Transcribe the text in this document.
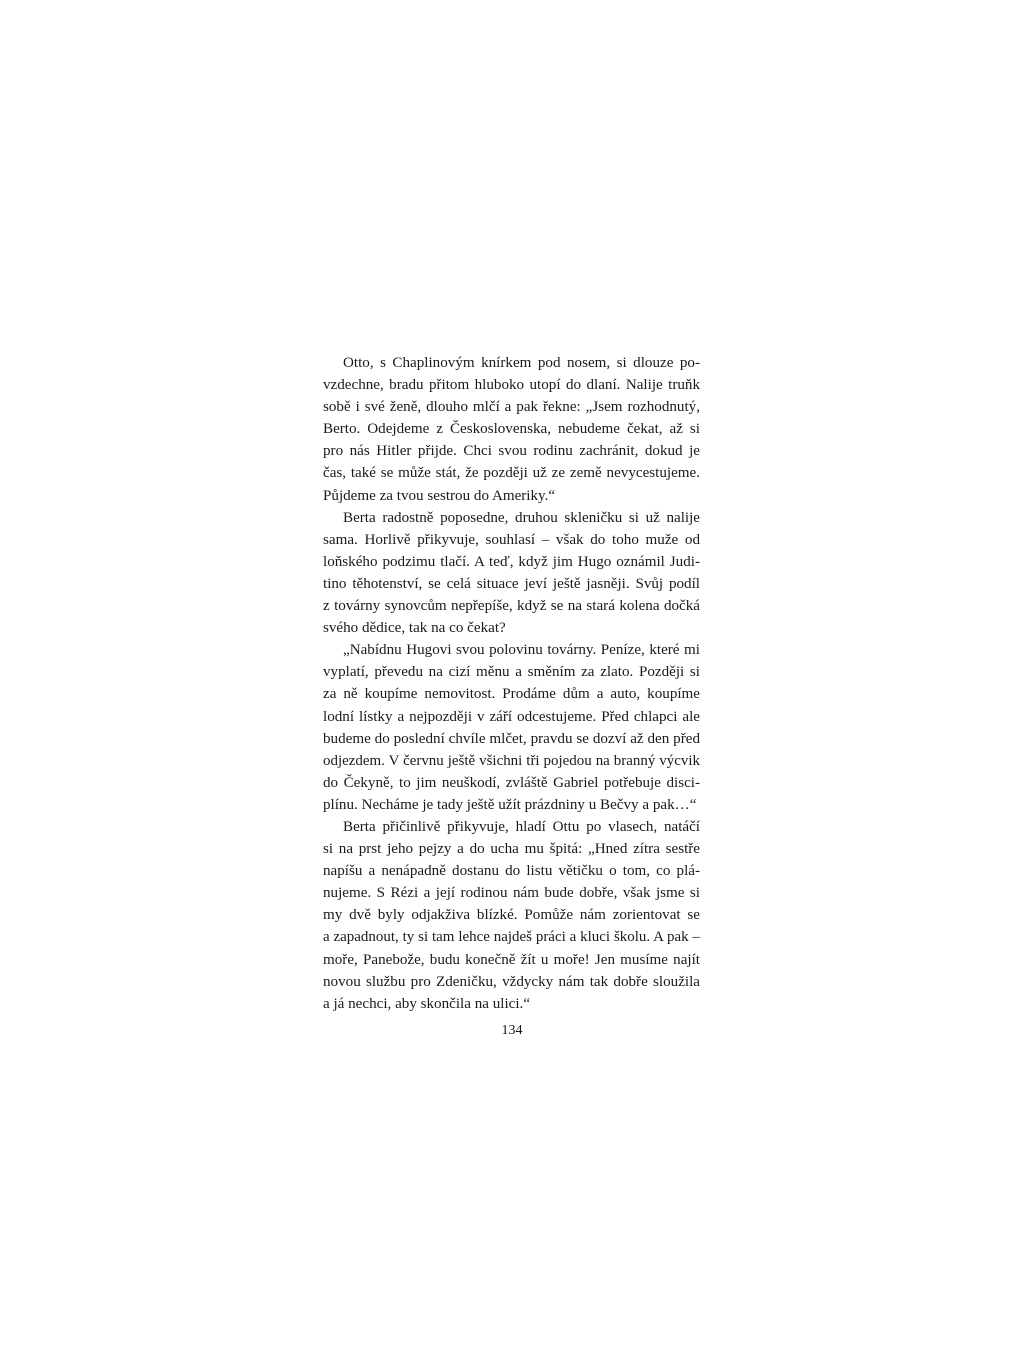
Otto, s Chaplinovým knírkem pod nosem, si dlouze po-
vzdechne, bradu přitom hluboko utopí do dlaní. Nalije truňk
sobě i své ženě, dlouho mlčí a pak řekne: „Jsem rozhodnutý,
Berto. Odejdeme z Československa, nebudeme čekat, až si
pro nás Hitler přijde. Chci svou rodinu zachránit, dokud je
čas, také se může stát, že později už ze země nevycestujeme.
Půjdeme za tvou sestrou do Ameriky.“
Berta radostně poposedne, druhou skleničku si už nalije
sama. Horlivě přikyvuje, souhlasí – však do toho muže od
loňského podzimu tlačí. A teď, když jim Hugo oznámil Judi-
tino těhotenství, se celá situace jeví ještě jasněji. Svůj podíl
z továrny synovcům nepřepíše, když se na stará kolena dočká
svého dědice, tak na co čekat?
„Nabídnu Hugovi svou polovinu továrny. Peníze, které mi
vyplatí, převedu na cizí měnu a směním za zlato. Později si
za ně koupíme nemovitost. Prodáme dům a auto, koupíme
lodní lístky a nejpozději v září odcestujeme. Před chlapci ale
budeme do poslední chvíle mlčet, pravdu se dozví až den před
odjezdem. V červnu ještě všichni tři pojedou na branný výcvik
do Čekyně, to jim neuškodí, zvláště Gabriel potřebuje disci-
plínu. Necháme je tady ještě užít prázdniny u Bečvy a pak…“
Berta přičinlivě přikyvuje, hladí Ottu po vlasech, natáčí
si na prst jeho pejzy a do ucha mu špitá: „Hned zítra sestře
napíšu a nenápadně dostanu do listu větičku o tom, co plá-
nujeme. S Rézi a její rodinou nám bude dobře, však jsme si
my dvě byly odjakživa blízké. Pomůže nám zorientovat se
a zapadnout, ty si tam lehce najdeš práci a kluci školu. A pak –
moře, Panebože, budu konečně žít u moře! Jen musíme najít
novou službu pro Zdeničku, vždycky nám tak dobře sloužila
a já nechci, aby skončila na ulici.“
134
